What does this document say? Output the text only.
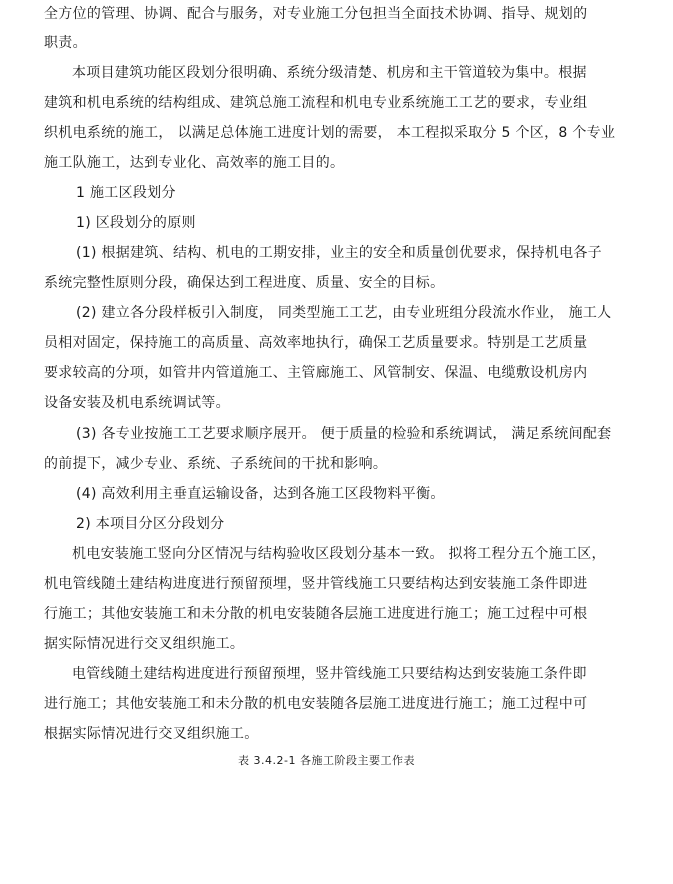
全方位的管理、协调、配合与服务，对专业施工分包担当全面技术协调、指导、规划的
职责。
本项目建筑功能区段划分很明确、系统分级清楚、机房和主干管道较为集中。根据
建筑和机电系统的结构组成、建筑总施工流程和机电专业系统施工工艺的要求，专业组
织机电系统的施工， 以满足总体施工进度计划的需要， 本工程拟采取分 5 个区，8 个专业
施工队施工，达到专业化、高效率的施工目的。
1 施工区段划分
1) 区段划分的原则
(1) 根据建筑、结构、机电的工期安排，业主的安全和质量创优要求，保持机电各子
系统完整性原则分段，确保达到工程进度、质量、安全的目标。
(2) 建立各分段样板引入制度， 同类型施工工艺，由专业班组分段流水作业， 施工人
员相对固定，保持施工的高质量、高效率地执行，确保工艺质量要求。特别是工艺质量
要求较高的分项，如管井内管道施工、主管廊施工、风管制安、保温、电缆敷设机房内
设备安装及机电系统调试等。
(3) 各专业按施工工艺要求顺序展开。 便于质量的检验和系统调试， 满足系统间配套
的前提下，减少专业、系统、子系统间的干扰和影响。
(4) 高效利用主垂直运输设备，达到各施工区段物料平衡。
2) 本项目分区分段划分
机电安装施工竖向分区情况与结构验收区段划分基本一致。 拟将工程分五个施工区，
机电管线随土建结构进度进行预留预埋，竖井管线施工只要结构达到安装施工条件即进
行施工；其他安装施工和未分散的机电安装随各层施工进度进行施工；施工过程中可根
据实际情况进行交叉组织施工。
电管线随土建结构进度进行预留预埋，竖井管线施工只要结构达到安装施工条件即
进行施工；其他安装施工和未分散的机电安装随各层施工进度进行施工；施工过程中可
根据实际情况进行交叉组织施工。
表 3.4.2-1 各施工阶段主要工作表
